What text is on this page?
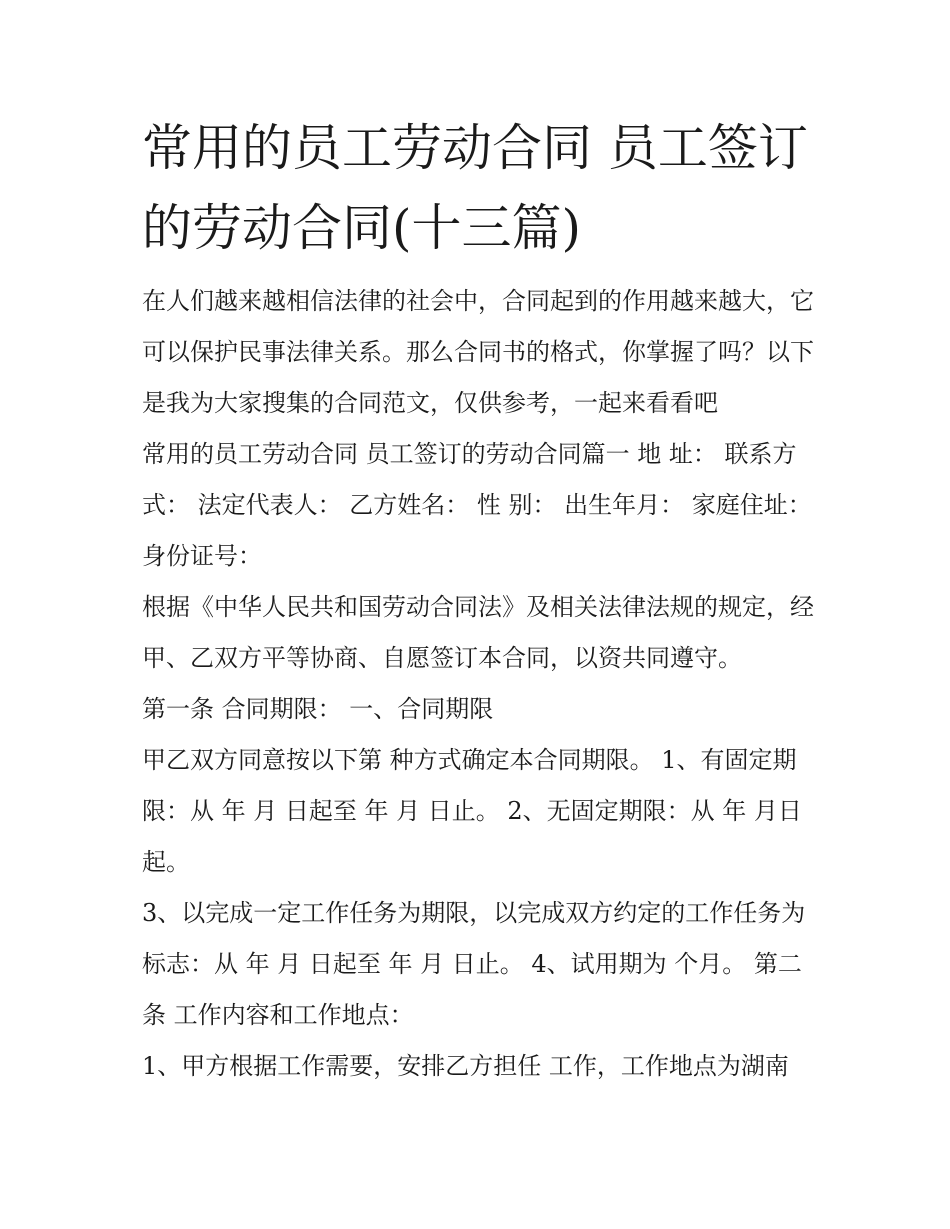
常用的员工劳动合同 员工签订的劳动合同(十三篇)

在人们越来越相信法律的社会中，合同起到的作用越来越大，它可以保护民事法律关系。那么合同书的格式，你掌握了吗？以下是我为大家搜集的合同范文，仅供参考，一起来看看吧

常用的员工劳动合同 员工签订的劳动合同篇一 地 址： 联系方式： 法定代表人： 乙方姓名： 性 别： 出生年月： 家庭住址： 身份证号：

根据《中华人民共和国劳动合同法》及相关法律法规的规定，经甲、乙双方平等协商、自愿签订本合同，以资共同遵守。

第一条 合同期限： 一、合同期限

甲乙双方同意按以下第 种方式确定本合同期限。 1、有固定期限：从 年 月 日起至 年 月 日止。 2、无固定期限：从 年 月日起。

3、以完成一定工作任务为期限，以完成双方约定的工作任务为标志：从 年 月 日起至 年 月 日止。 4、试用期为 个月。 第二条 工作内容和工作地点：

1、甲方根据工作需要，安排乙方担任 工作，工作地点为湖南
